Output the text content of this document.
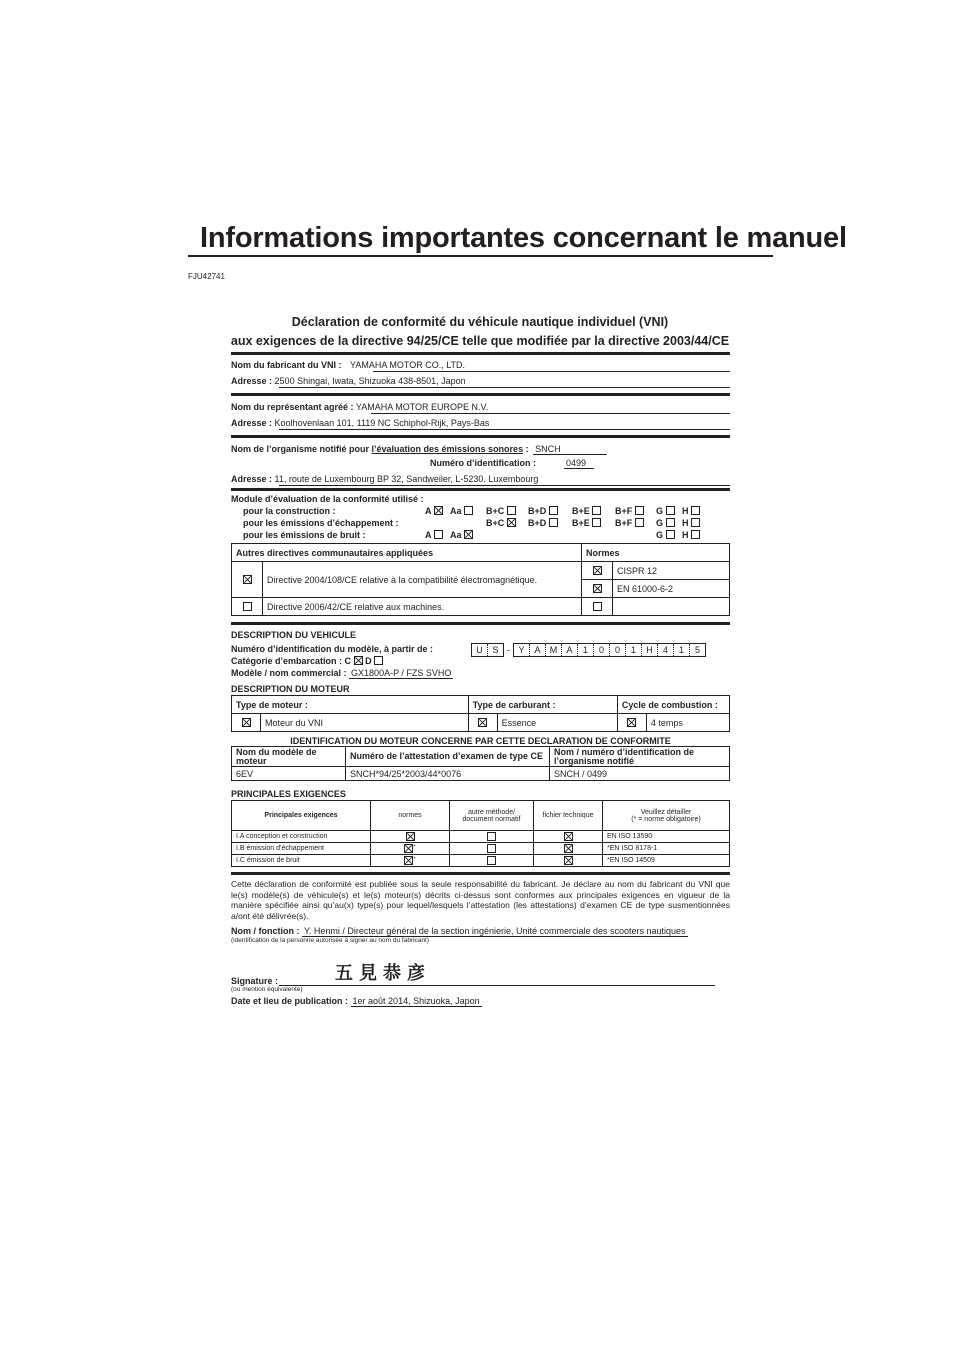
Informations importantes concernant le manuel
FJU42741
Déclaration de conformité du véhicule nautique individuel (VNI)
aux exigences de la directive 94/25/CE telle que modifiée par la directive 2003/44/CE
Nom du fabricant du VNI : YAMAHA MOTOR CO., LTD.
Adresse : 2500 Shingai, Iwata, Shizuoka 438-8501, Japon
Nom du représentant agréé : YAMAHA MOTOR EUROPE N.V.
Adresse : Koolhovenlaan 101, 1119 NC Schiphol-Rijk, Pays-Bas
Nom de l’organisme notifié pour l’évaluation des émissions sonores : SNCH
Numéro d’identification :	0499
Adresse : 11, route de Luxembourg BP 32, Sandweiler, L-5230. Luxembourg
Module d’évaluation de la conformité utilisé :
pour la construction :	A	Aa	B+C	B+D	B+E	B+F	G	H
pour les émissions d’échappement :	B+C	B+D	B+E	B+F	G	H
pour les émissions de bruit :	A	Aa	G	H
Autres directives communautaires appliquées		Normes	
	Directive 2004/108/CE relative à la compatibilité électromagnétique.		CISPR 12
			EN 61000-6-2
	Directive 2006/42/CE relative aux machines.		
DESCRIPTION DU VEHICULE
Numéro d’identification du modèle, à partir de :	U	S - Y	A	M	A	1	0	0	1	H	4	1	5
Catégorie d’embarcation : C D
Modèle / nom commercial : GX1800A-P / FZS SVHO
DESCRIPTION DU MOTEUR
Type de moteur :		Type de carburant :		Cycle de combustion :	
	Moteur du VNI		Essence		4 temps
IDENTIFICATION DU MOTEUR CONCERNE PAR CETTE DECLARATION DE CONFORMITE
Nom du modèle de moteur	Numéro de l’attestation d’examen de type CE	Nom / numéro d’identification de l’organisme notifié
6EV	SNCH*94/25*2003/44*0076	SNCH / 0499
PRINCIPALES EXIGENCES
Principales exigences	normes	autre méthode/ document normatif	fichier technique	Veuillez détailler
(* = norme obligatoire)

I.A conception et construction				EN ISO 13590
I.B émission d’échappement	*			*EN ISO 8178-1
I.C émission de bruit	*			*EN ISO 14509
Cette déclaration de conformité est publiée sous la seule responsabilité du fabricant. Je déclare au nom du fabricant du VNI que le(s) modèle(s) de véhicule(s) et le(s) moteur(s) décrits ci-dessus sont conformes aux principales exigences en vigueur de la manière spécifiée ainsi qu’au(x) type(s) pour lequel/lesquels l’attestation (les attestations) d’examen CE de type susmentionnées a/ont été délivrée(s).
Nom / fonction : Y. Henmi / Directeur général de la section ingénierie, Unité commerciale des scooters nautiques
(identification de la personne autorisée à signer au nom du fabricant)
Signature :	五見恭彦
(ou mention équivalente)
Date et lieu de publication : 1er août 2014, Shizuoka, Japon
